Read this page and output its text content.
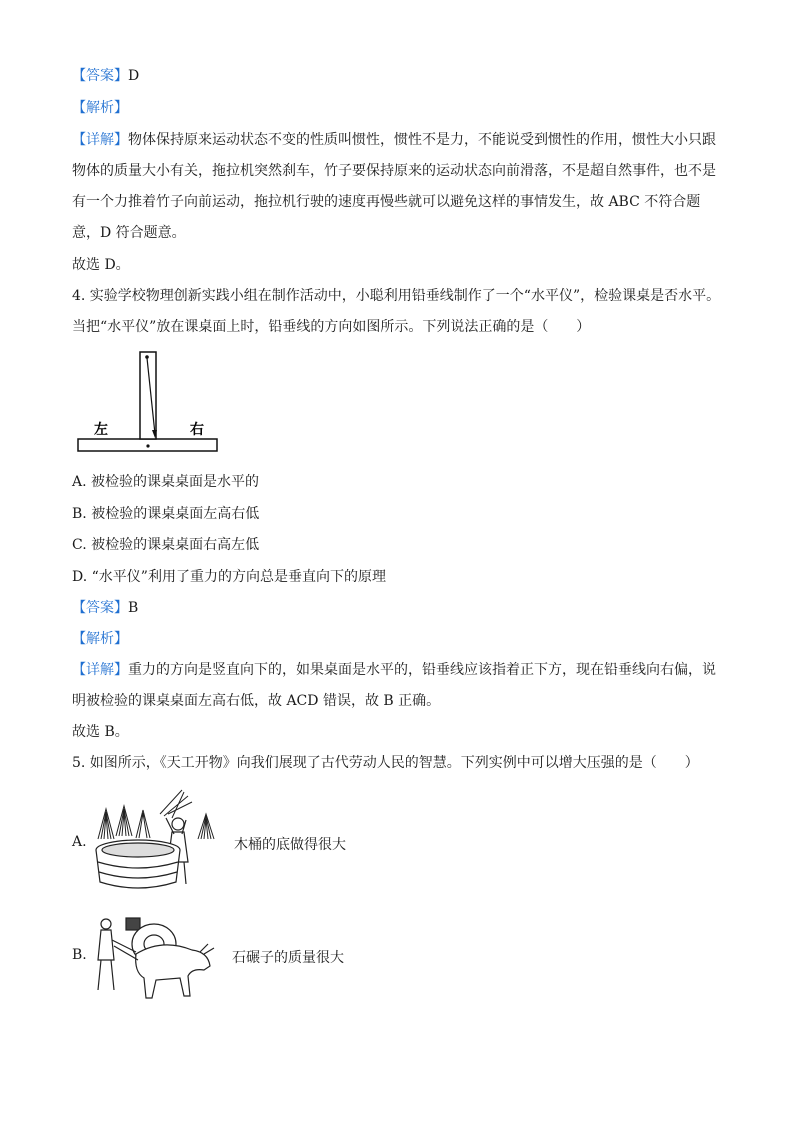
【答案】D
【解析】
【详解】物体保持原来运动状态不变的性质叫惯性，惯性不是力，不能说受到惯性的作用，惯性大小只跟
物体的质量大小有关，拖拉机突然刹车，竹子要保持原来的运动状态向前滑落，不是超自然事件，也不是
有一个力推着竹子向前运动，拖拉机行驶的速度再慢些就可以避免这样的事情发生，故 ABC 不符合题
意，D 符合题意。
故选 D。
4. 实验学校物理创新实践小组在制作活动中，小聪利用铅垂线制作了一个“水平仪”，检验课桌是否水平。
当把“水平仪”放在课桌面上时，铅垂线的方向如图所示。下列说法正确的是（　　）
左	右
A. 被检验的课桌桌面是水平的
B. 被检验的课桌桌面左高右低
C. 被检验的课桌桌面右高左低
D. “水平仪”利用了重力的方向总是垂直向下的原理
【答案】B
【解析】
【详解】重力的方向是竖直向下的，如果桌面是水平的，铅垂线应该指着正下方，现在铅垂线向右偏，说
明被检验的课桌桌面左高右低，故 ACD 错误，故 B 正确。
故选 B。
5. 如图所示，《天工开物》向我们展现了古代劳动人民的智慧。下列实例中可以增大压强的是（　　）
A.	木桶的底做得很大
B.	石碾子的质量很大
